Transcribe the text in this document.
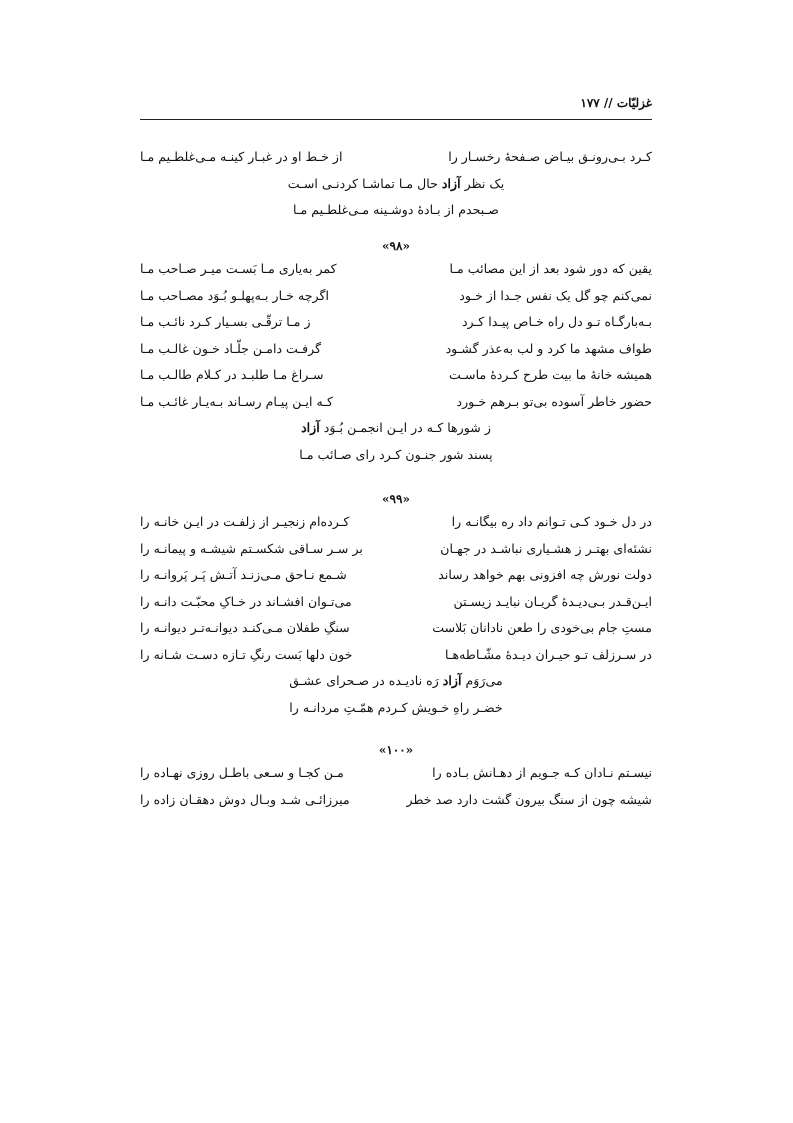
غزلیّات // ۱۷۷
کـرد بـی‌رونـق بیـاض صـفحهٔ رخسـار را
از خـط او در غبـار کینـه مـی‌غلطـیم مـا
یک نظر آزاد حال مـا تماشـا کردنـی اسـت
صـبحدم از بـادهٔ دوشـینه مـی‌غلطـیم مـا
«۹۸»
یقین که دور شود بعد از این مصائب مـا
کمر به‌یاری مـا بَسـت میـر صـاحب مـا
نمی‌کنم چو گل یک نفس جـدا از خـود
اگرچه خـار بـه‌پهلـو بُـوَد مصـاحب مـا
بـه‌بارگـاه تـو دل راه خـاص پیـدا کـرد
ز مـا ترقّـی بسـیار کـرد نائـب مـا
طواف مشهد ما کرد و لب به‌عذر گشـود
گرفـت دامـن جلّـاد خـون غالـب مـا
همیشه خانهٔ ما بیت طرح کـردهٔ ماسـت
سـراغ مـا طلبـد در کـلام طالـب مـا
حضور خاطر آسوده بی‌تو بـرهم خـورد
کـه ایـن پیـام رسـاند بـه‌یـار غائـب مـا
ز شورها کـه در ایـن انجمـن بُـوَد آزاد
پسند شور جنـون کـرد رای صـائب مـا
«۹۹»
در دل خـود کـی تـوانم داد ره بیگانـه را
کـرده‌ام زنجیـر از زلفـت در ایـن خانـه را
نشئه‌ای بهتـر ز هشـیاری نباشـد در جهـان
بر سـر سـاقی شکسـتم شیشـه و پیمانـه را
دولت نورش چه افزونی بهم خواهد رساند
شـمع نـاحق مـی‌زنـد آتـش پَـر پَروانـه را
ایـن‌قـدر بـی‌دیـدهٔ گریـان نبایـد زیسـتن
می‌تـوان افشـاند در خـاکِ محبّـت دانـه را
مستِ جام بی‌خودی را طعن نادانان بَلاست
سنگِ طفلان مـی‌کنـد دیوانـه‌تـر دیوانـه را
در سـرزلف تـو حیـران دیـدهٔ مشّـاطه‌هـا
خون دلها بَست رنگِ تـازه دسـت شـانه را
می‌رَوَم آزاد رَه نادیـده در صـحرای عشـق
خضـر راهِ خـویش کـردم همّـتِ مردانـه را
«۱۰۰»
نیسـتم نـادان کـه جـویم از دهـانش بـاده را
مـن کجـا و سـعی باطـل روزی نهـاده را
شیشه چون از سنگ بیرون گشت دارد صد خطر
میرزائـی شـد وبـال دوش دهقـان زاده را
